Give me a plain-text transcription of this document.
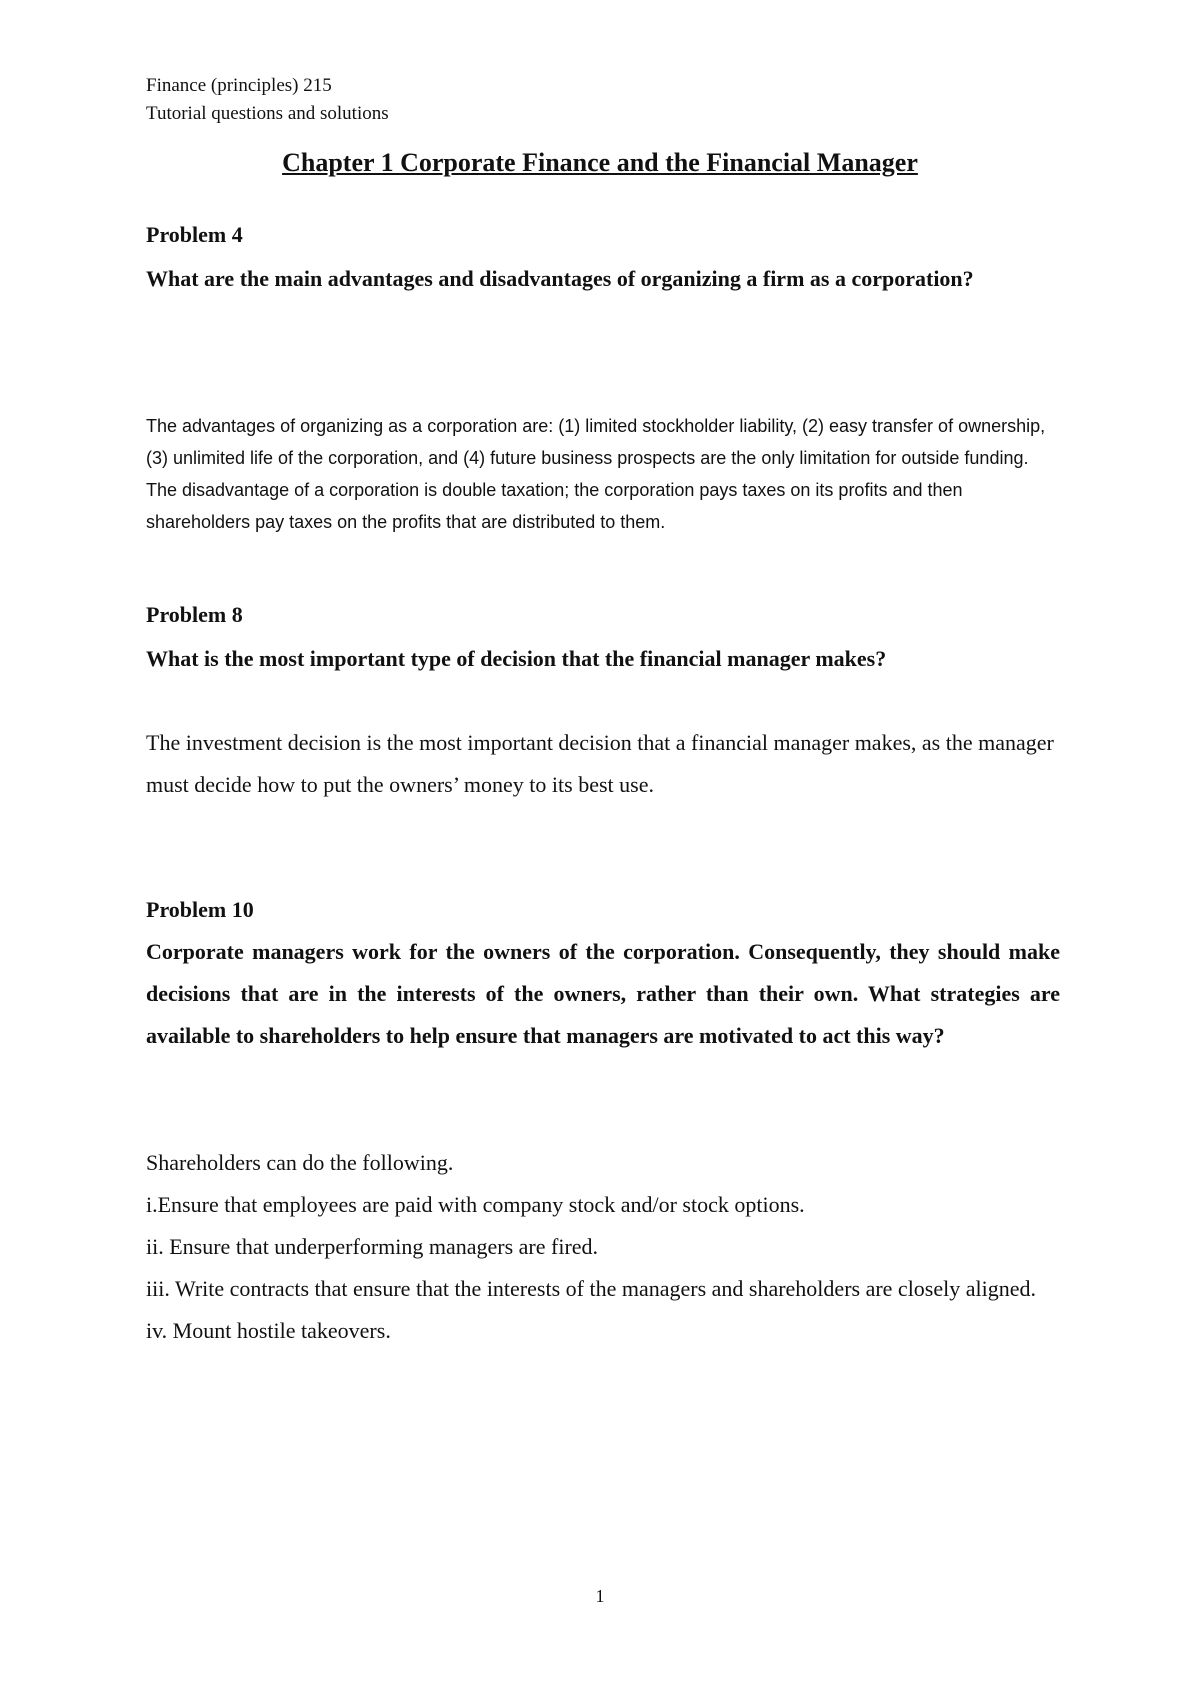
Finance (principles) 215
Tutorial questions and solutions
Chapter 1 Corporate Finance and the Financial Manager

Problem 4

What are the main advantages and disadvantages of organizing a firm as a corporation?

The advantages of organizing as a corporation are: (1) limited stockholder liability, (2) easy transfer of ownership, (3) unlimited life of the corporation, and (4) future business prospects are the only limitation for outside funding. The disadvantage of a corporation is double taxation; the corporation pays taxes on its profits and then shareholders pay taxes on the profits that are distributed to them.

Problem 8

What is the most important type of decision that the financial manager makes?

The investment decision is the most important decision that a financial manager makes, as the manager must decide how to put the owners’ money to its best use.

Problem 10

Corporate managers work for the owners of the corporation. Consequently, they should make decisions that are in the interests of the owners, rather than their own. What strategies are available to shareholders to help ensure that managers are motivated to act this way?

Shareholders can do the following.

i.Ensure that employees are paid with company stock and/or stock options.

ii. Ensure that underperforming managers are fired.

iii. Write contracts that ensure that the interests of the managers and shareholders are closely aligned.

iv. Mount hostile takeovers.

1
